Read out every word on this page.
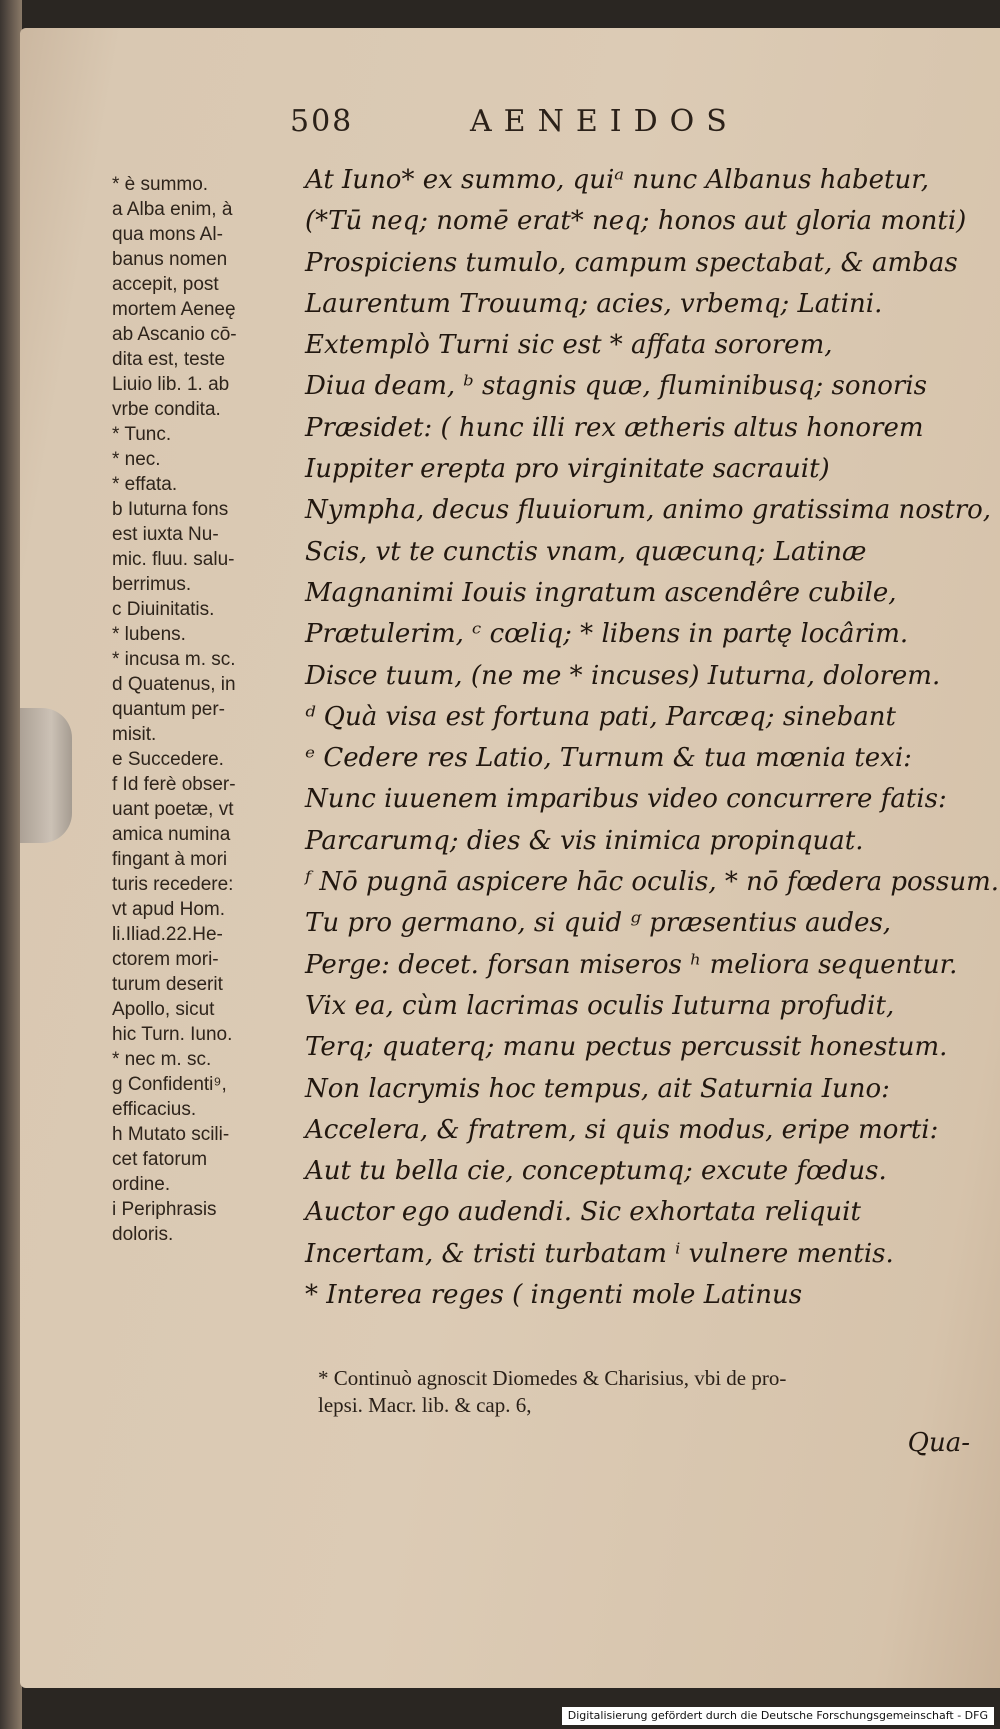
508	AENEIDOS
* è summo.
a Alba enim, à
qua mons Al-
banus nomen
accepit, post
mortem Aeneę
ab Ascanio cō-
dita est, teste
Liuio lib. 1. ab
vrbe condita.
* Tunc.
* nec.
* effata.
b Iuturna fons
est iuxta Nu-
mic. fluu. salu-
berrimus.
c Diuinitatis.
* lubens.
* incusa m. sc.
d Quatenus, in
quantum per-
misit.
e Succedere.
f Id ferè obser-
uant poetæ, vt
amica numina
fingant à mori
turis recedere:
vt apud Hom.
li.Iliad.22.He-
ctorem mori-
turum deserit
Apollo, sicut
hic Turn. Iuno.
* nec m. sc.
g Confidenti⁹,
efficacius.
h Mutato scili-
cet fatorum
ordine.
i Periphrasis
doloris.
At Iuno* ex summo, quiᵃ nunc Albanus habetur,
(*Tū neq; nomē erat* neq; honos aut gloria monti)
Prospiciens tumulo, campum spectabat, & ambas
Laurentum Trouumq; acies, vrbemq; Latini.
Extemplò Turni sic est * affata sororem,
Diua deam, ᵇ stagnis quæ, fluminibusq; sonoris
Præsidet: ( hunc illi rex ætheris altus honorem
Iuppiter erepta pro virginitate sacrauit)
Nympha, decus fluuiorum, animo gratissima nostro,
Scis, vt te cunctis vnam, quæcunq; Latinæ
Magnanimi Iouis ingratum ascendêre cubile,
Prætulerim, ᶜ cœliq; * libens in partę locârim.
Disce tuum, (ne me * incuses) Iuturna, dolorem.
ᵈ Quà visa est fortuna pati, Parcæq; sinebant
ᵉ Cedere res Latio, Turnum & tua mœnia texi:
Nunc iuuenem imparibus video concurrere fatis:
Parcarumq; dies & vis inimica propinquat.
ᶠ Nō pugnā aspicere hāc oculis, * nō fœdera possum.
Tu pro germano, si quid ᵍ præsentius audes,
Perge: decet. forsan miseros ʰ meliora sequentur.
Vix ea, cùm lacrimas oculis Iuturna profudit,
Terq; quaterq; manu pectus percussit honestum.
Non lacrymis hoc tempus, ait Saturnia Iuno:
Accelera, & fratrem, si quis modus, eripe morti:
Aut tu bella cie, conceptumq; excute fœdus.
Auctor ego audendi. Sic exhortata reliquit
Incertam, & tristi turbatam ⁱ vulnere mentis.
* Interea reges ( ingenti mole Latinus
* Continuò agnoscit Diomedes & Charisius, vbi de pro-
lepsi. Macr. lib. & cap. 6,
Qua-
Digitalisierung gefördert durch die Deutsche Forschungsgemeinschaft - DFG
